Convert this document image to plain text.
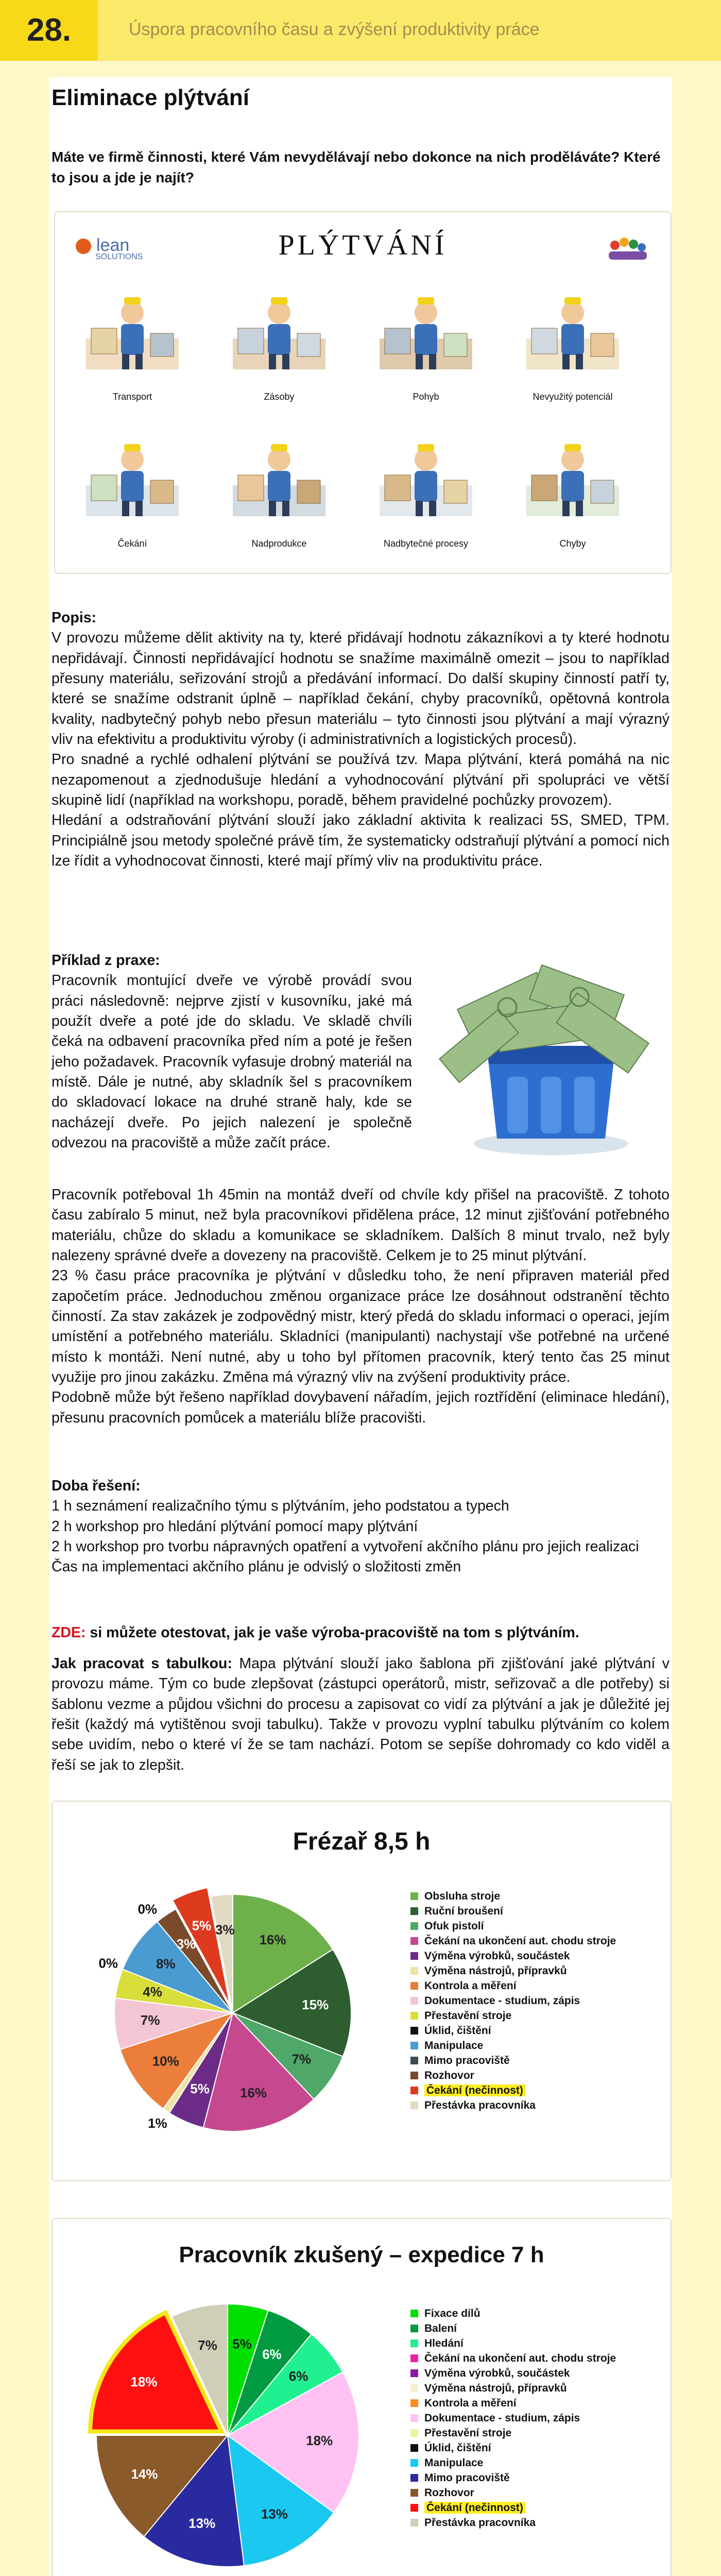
28.	Úspora pracovního času a zvýšení produktivity práce
Eliminace plýtvání
Máte ve firmě činnosti, které Vám nevydělávají nebo dokonce na nich proděláváte? Které to jsou a jde je najít?
lean
SOLUTIONS	PLÝTVÁNÍ
Transport	Zásoby	Pohyb	Nevyužitý potenciál
Čekání	Nadprodukce	Nadbytečné procesy	Chyby

Popis:

V provozu můžeme dělit aktivity na ty, které přidávají hodnotu zákazníkovi a ty které hodnotu nepřidávají. Činnosti nepřidávající hodnotu se snažíme maximálně omezit – jsou to například přesuny materiálu, seřizování strojů a předávání informací. Do další skupiny činností patří ty, které se snažíme odstranit úplně – například čekání, chyby pracovníků, opětovná kontrola kvality, nadbytečný pohyb nebo přesun materiálu – tyto činnosti jsou plýtvání a mají výrazný vliv na efektivitu a produktivitu výroby (i administrativních a logistických procesů).

Pro snadné a rychlé odhalení plýtvání se používá tzv. Mapa plýtvání, která pomáhá na nic nezapomenout a zjednodušuje hledání a vyhodnocování plýtvání při spolupráci ve větší skupině lidí (například na workshopu, poradě, během pravidelné pochůzky provozem).

Hledání a odstraňování plýtvání slouží jako základní aktivita k realizaci 5S, SMED, TPM. Principiálně jsou metody společné právě tím, že systematicky odstraňují plýtvání a pomocí nich lze řídit a vyhodnocovat činnosti, které mají přímý vliv na produktivitu práce.

Příklad z praxe:

Pracovník montující dveře ve výrobě provádí svou práci následovně: nejprve zjistí v kusovníku, jaké má použít dveře a poté jde do skladu. Ve skladě chvíli čeká na odbavení pracovníka před ním a poté je řešen jeho požadavek. Pracovník vyfasuje drobný materiál na místě. Dále je nutné, aby skladník šel s pracovníkem do skladovací lokace na druhé straně haly, kde se nacházejí dveře. Po jejich nalezení je společně odvezou na pracoviště a může začít práce.

Pracovník potřeboval 1h 45min na montáž dveří od chvíle kdy přišel na pracoviště. Z tohoto času zabíralo 5 minut, než byla pracovníkovi přidělena práce, 12 minut zjišťování potřebného materiálu, chůze do skladu a komunikace se skladníkem. Dalších 8 minut trvalo, než byly nalezeny správné dveře a dovezeny na pracoviště. Celkem je to 25 minut plýtvání.

23 % času práce pracovníka je plýtvání v důsledku toho, že není připraven materiál před započetím práce. Jednoduchou změnou organizace práce lze dosáhnout odstranění těchto činností. Za stav zakázek je zodpovědný mistr, který předá do skladu informaci o operaci, jejím umístění a potřebného materiálu. Skladníci (manipulanti) nachystají vše potřebné na určené místo k montáži. Není nutné, aby u toho byl přítomen pracovník, který tento čas 25 minut využije pro jinou zakázku. Změna má výrazný vliv na zvýšení produktivity práce.

Podobně může být řešeno například dovybavení nářadím, jejich roztřídění (eliminace hledání), přesunu pracovních pomůcek a materiálu blíže pracovišti.

Doba řešení:

1 h seznámení realizačního týmu s plýtváním, jeho podstatou a typech

2 h workshop pro hledání plýtvání pomocí mapy plýtvání

2 h workshop pro tvorbu nápravných opatření a vytvoření akčního plánu pro jejich realizaci

Čas na implementaci akčního plánu je odvislý o složitosti změn

ZDE: si můžete otestovat, jak je vaše výroba-pracoviště na tom s plýtváním.
Jak pracovat s tabulkou: Mapa plýtvání slouží jako šablona při zjišťování jaké plýtvání v provozu máme. Tým co bude zlepšovat (zástupci operátorů, mistr, seřizovač a dle potřeby) si šablonu vezme a půjdou všichni do procesu a zapisovat co vidí za plýtvání a jak je důležité jej řešit (každý má vytištěnou svoji tabulku). Takže v provozu vyplní tabulku plýtváním co kolem sebe uvidím, nebo o které ví že se tam nachází. Potom se sepíše dohromady co kdo viděl a řeší se jak to zlepšit.
Frézař 8,5 h
16%
15%
7%
16%
5%
1%
10%
7%
4%
0%	8%
0%
3%
5% 3%
Obsluha stroje
Ruční broušení
Ofuk pistolí
Čekání na ukončení aut. chodu stroje
Výměna výrobků, součástek
Výměna nástrojů, přípravků
Kontrola a měření
Dokumentace - studium, zápis
Přestavění stroje
Úklid, čištění
Manipulace
Mimo pracoviště
Rozhovor
Čekání (nečinnost)
Přestávka pracovníka
Pracovník zkušený – expedice 7 h
5%
6%
6%
18%
13%
13%
14%
18%
7%
Fixace dílů
Balení
Hledání
Čekání na ukončení aut. chodu stroje
Výměna výrobků, součástek
Výměna nástrojů, přípravků
Kontrola a měření
Dokumentace - studium, zápis
Přestavění stroje
Úklid, čištění
Manipulace
Mimo pracoviště
Rozhovor
Čekání (nečinnost)
Přestávka pracovníka
